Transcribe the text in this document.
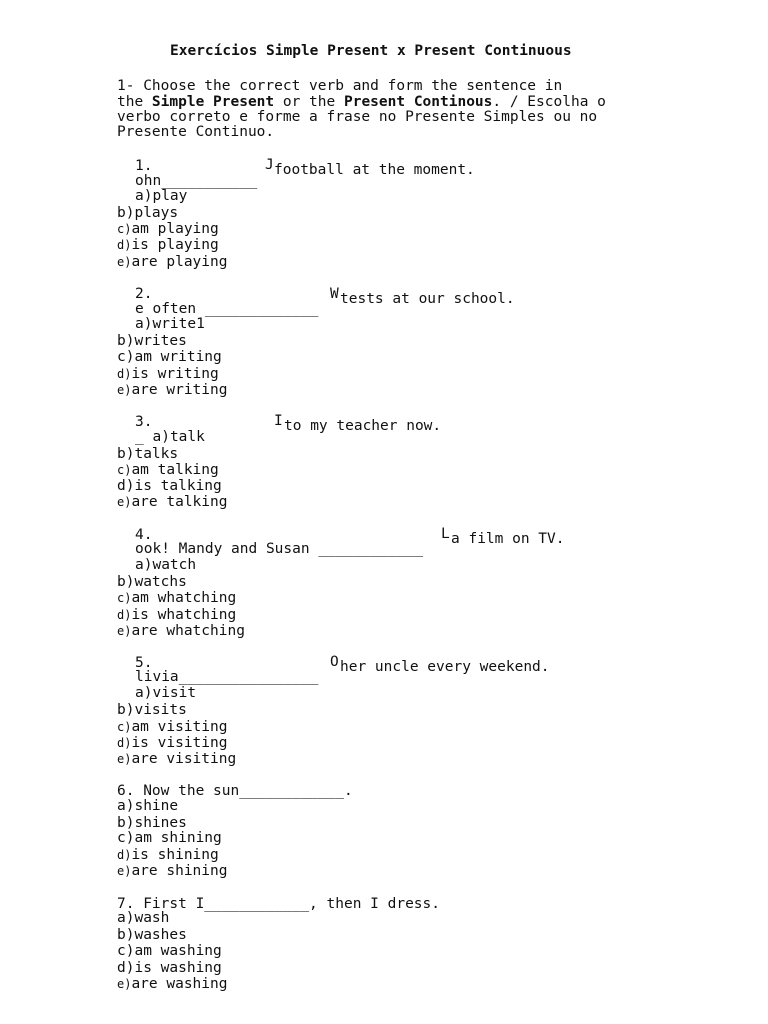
Exercícios Simple Present x Present Continuous
1- Choose the correct verb and form the sentence in
the Simple Present or the Present Continous. / Escolha o
verbo correto e forme a frase no Presente Simples ou no
Presente Continuo.
1.	J football at the moment.
ohn___________
a)play
b)plays
c)am playing
d)is playing
e)are playing
2.	W tests at our school.
e often _____________
a)write1
b)writes
c)am writing
d)is writing
e)are writing
3.	I to my teacher now.
_ a)talk
b)talks
c)am talking
d)is talking
e)are talking
4.	L a film on TV.
ook! Mandy and Susan ____________
a)watch
b)watchs
c)am whatching
d)is whatching
e)are whatching
5.	O her uncle every weekend.
livia________________
a)visit
b)visits
c)am visiting
d)is visiting
e)are visiting
6. Now the sun____________.
a)shine
b)shines
c)am shining
d)is shining
e)are shining
7. First I____________, then I dress.
a)wash
b)washes
c)am washing
d)is washing
e)are washing
